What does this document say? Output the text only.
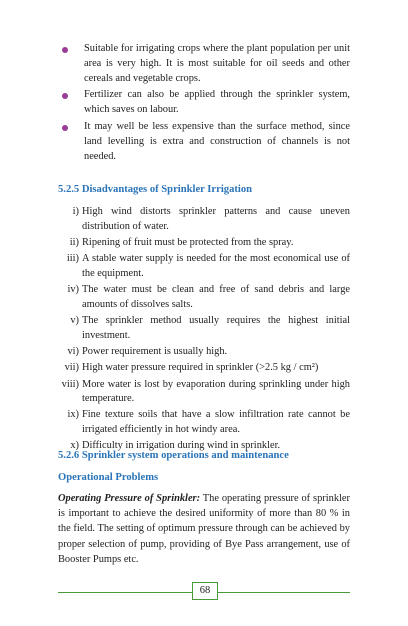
Suitable for irrigating crops where the plant population per unit area is very high. It is most suitable for oil seeds and other cereals and vegetable crops.
Fertilizer can also be applied through the sprinkler system, which saves on labour.
It may well be less expensive than the surface method, since land levelling is extra and construction of channels is not needed.

5.2.5 Disadvantages of Sprinkler Irrigation

i) High wind distorts sprinkler patterns and cause uneven distribution of water.
ii) Ripening of fruit must be protected from the spray.
iii) A stable water supply is needed for the most economical use of the equipment.
iv) The water must be clean and free of sand debris and large amounts of dissolves salts.
v) The sprinkler method usually requires the highest initial investment.
vi) Power requirement is usually high.
vii) High water pressure required in sprinkler (>2.5 kg / cm²)
viii) More water is lost by evaporation during sprinkling under high temperature.
ix) Fine texture soils that have a slow infiltration rate cannot be irrigated efficiently in hot windy area.
x) Difficulty in irrigation during wind in sprinkler.

5.2.6 Sprinkler system operations and maintenance

Operational Problems

Operating Pressure of Sprinkler: The operating pressure of sprinkler is important to achieve the desired uniformity of more than 80 % in the field. The setting of optimum pressure through can be achieved by proper selection of pump, providing of Bye Pass arrangement, use of Booster Pumps etc.

68
